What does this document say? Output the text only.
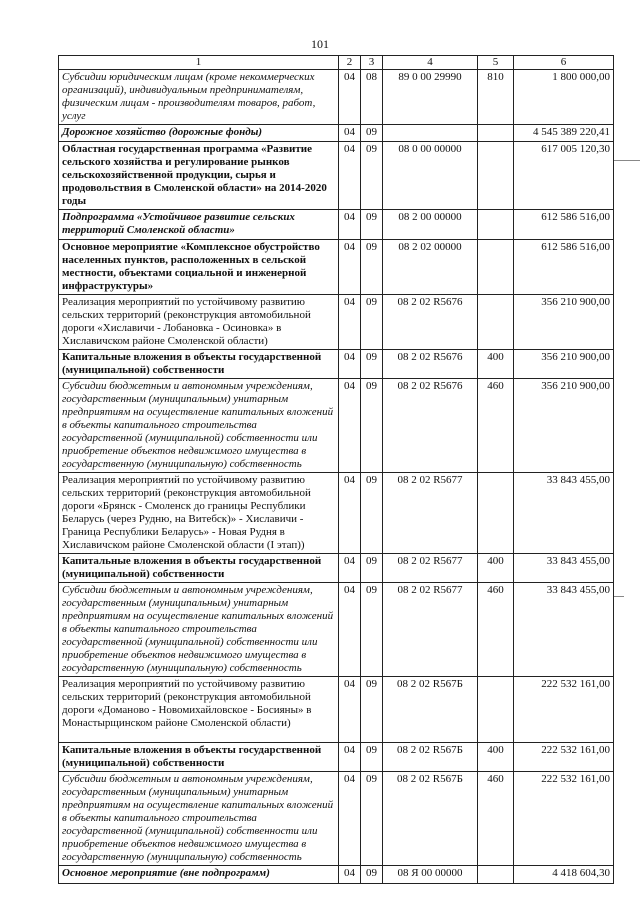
101
1	2	3	4	5	6
Субсидии юридическим лицам (кроме некоммерческих организаций), индивидуальным предпринимателям, физическим лицам - производителям товаров, работ, услуг	04	08	89 0 00 29990	810	1 800 000,00
Дорожное хозяйство (дорожные фонды)	04	09			4 545 389 220,41
Областная государственная программа «Развитие сельского хозяйства и регулирование рынков сельскохозяйственной продукции, сырья и продовольствия в Смоленской области» на 2014-2020 годы	04	09	08 0 00 00000		617 005 120,30
Подпрограмма «Устойчивое развитие сельских территорий Смоленской области»	04	09	08 2 00 00000		612 586 516,00
Основное мероприятие «Комплексное обустройство населенных пунктов, расположенных в сельской местности, объектами социальной и инженерной инфраструктуры»	04	09	08 2 02 00000		612 586 516,00
Реализация мероприятий по устойчивому развитию сельских территорий (реконструкция автомобильной дороги «Хиславичи - Лобановка - Осиновка» в Хиславичском районе Смоленской области)	04	09	08 2 02 R5676		356 210 900,00
Капитальные вложения в объекты государственной (муниципальной) собственности	04	09	08 2 02 R5676	400	356 210 900,00
Субсидии бюджетным и автономным учреждениям, государственным (муниципальным) унитарным предприятиям на осуществление капитальных вложений в объекты капитального строительства государственной (муниципальной) собственности или приобретение объектов недвижимого имущества в государственную (муниципальную) собственность	04	09	08 2 02 R5676	460	356 210 900,00
Реализация мероприятий по устойчивому развитию сельских территорий (реконструкция автомобильной дороги «Брянск - Смоленск до границы Республики Беларусь (через Рудню, на Витебск)» - Хиславичи - Граница Республики Беларусь» - Новая Рудня в Хиславичском районе Смоленской области (I этап))	04	09	08 2 02 R5677		33 843 455,00
Капитальные вложения в объекты государственной (муниципальной) собственности	04	09	08 2 02 R5677	400	33 843 455,00
Субсидии бюджетным и автономным учреждениям, государственным (муниципальным) унитарным предприятиям на осуществление капитальных вложений в объекты капитального строительства государственной (муниципальной) собственности или приобретение объектов недвижимого имущества в государственную (муниципальную) собственность	04	09	08 2 02 R5677	460	33 843 455,00
Реализация мероприятий по устойчивому развитию сельских территорий (реконструкция автомобильной дороги «Доманово - Новомихайловское - Босияны» в Монастырщинском районе Смоленской области)	04	09	08 2 02 R567Б		222 532 161,00
Капитальные вложения в объекты государственной (муниципальной) собственности	04	09	08 2 02 R567Б	400	222 532 161,00
Субсидии бюджетным и автономным учреждениям, государственным (муниципальным) унитарным предприятиям на осуществление капитальных вложений в объекты капитального строительства государственной (муниципальной) собственности или приобретение объектов недвижимого имущества в государственную (муниципальную) собственность	04	09	08 2 02 R567Б	460	222 532 161,00
Основное мероприятие (вне подпрограмм)	04	09	08 Я 00 00000		4 418 604,30
